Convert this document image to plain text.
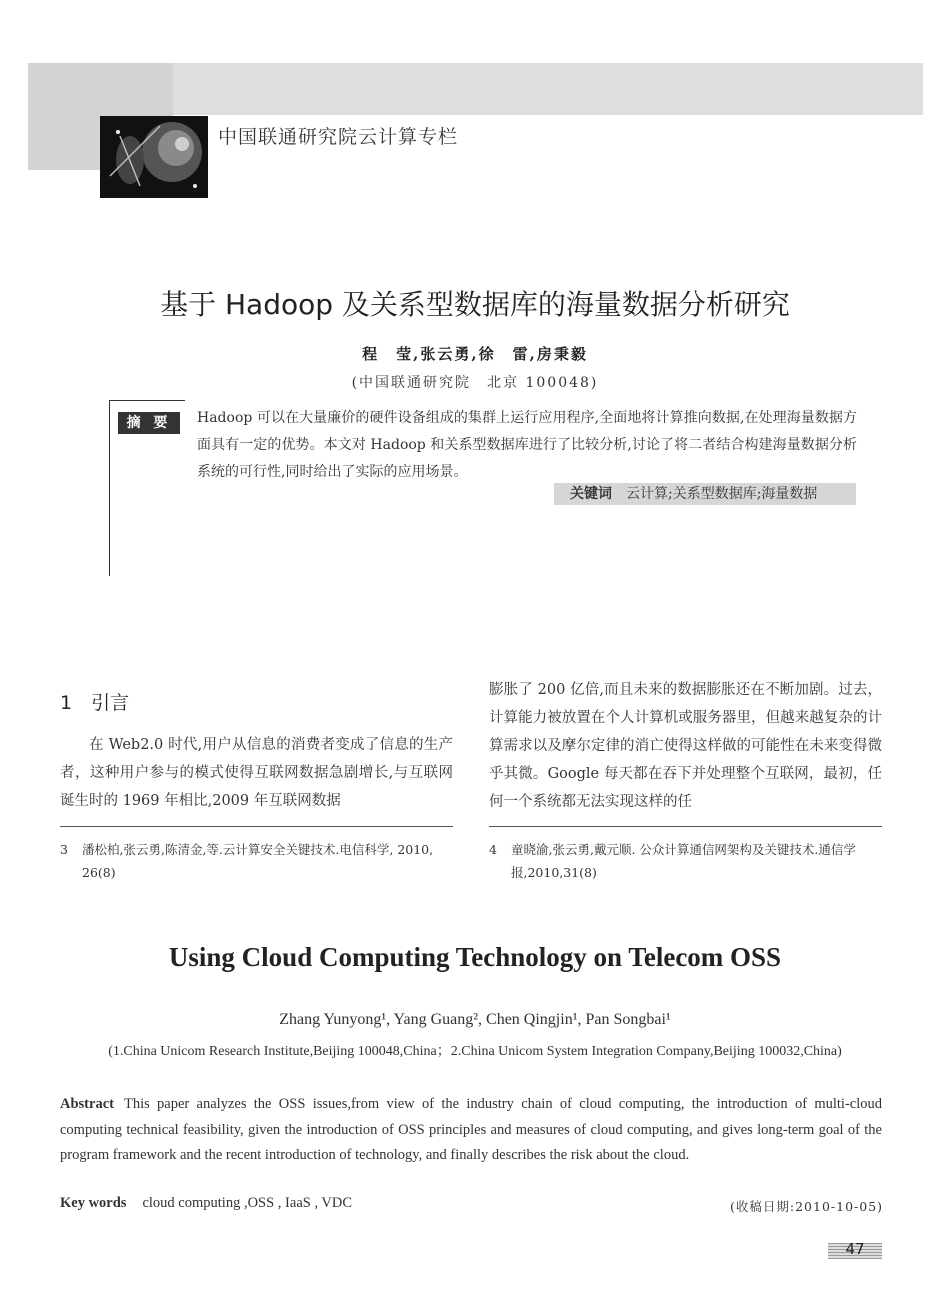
中国联通研究院云计算专栏
基于 Hadoop 及关系型数据库的海量数据分析研究
程　莹,张云勇,徐　雷,房秉毅
(中国联通研究院　北京 100048)
摘 要	Hadoop 可以在大量廉价的硬件设备组成的集群上运行应用程序,全面地将计算推向数据,在处理海量数据方面具有一定的优势。本文对 Hadoop 和关系型数据库进行了比较分析,讨论了将二者结合构建海量数据分析系统的可行性,同时给出了实际的应用场景。
关键词 云计算;关系型数据库;海量数据
1　引言
在 Web2.0 时代,用户从信息的消费者变成了信息的生产者，这种用户参与的模式使得互联网数据急剧增长,与互联网诞生时的 1969 年相比,2009 年互联网数据
膨胀了 200 亿倍,而且未来的数据膨胀还在不断加剧。过去，计算能力被放置在个人计算机或服务器里，但越来越复杂的计算需求以及摩尔定律的消亡使得这样做的可能性在未来变得微乎其微。Google 每天都在吞下并处理整个互联网，最初，任何一个系统都无法实现这样的任
3 潘松柏,张云勇,陈清金,等.云计算安全关键技术.电信科学, 2010, 26(8)
4 童晓渝,张云勇,戴元顺. 公众计算通信网架构及关键技术.通信学报,2010,31(8)
Using Cloud Computing Technology on Telecom OSS
Zhang Yunyong¹, Yang Guang², Chen Qingjin¹, Pan Songbai¹
(1.China Unicom Research Institute,Beijing 100048,China；2.China Unicom System Integration Company,Beijing 100032,China)
Abstract This paper analyzes the OSS issues,from view of the industry chain of cloud computing, the introduction of multi-cloud computing technical feasibility, given the introduction of OSS principles and measures of cloud computing, and gives long-term goal of the program framework and the recent introduction of technology, and finally describes the risk about the cloud.
Key words cloud computing ,OSS , IaaS , VDC	(收稿日期:2010-10-05)
47
